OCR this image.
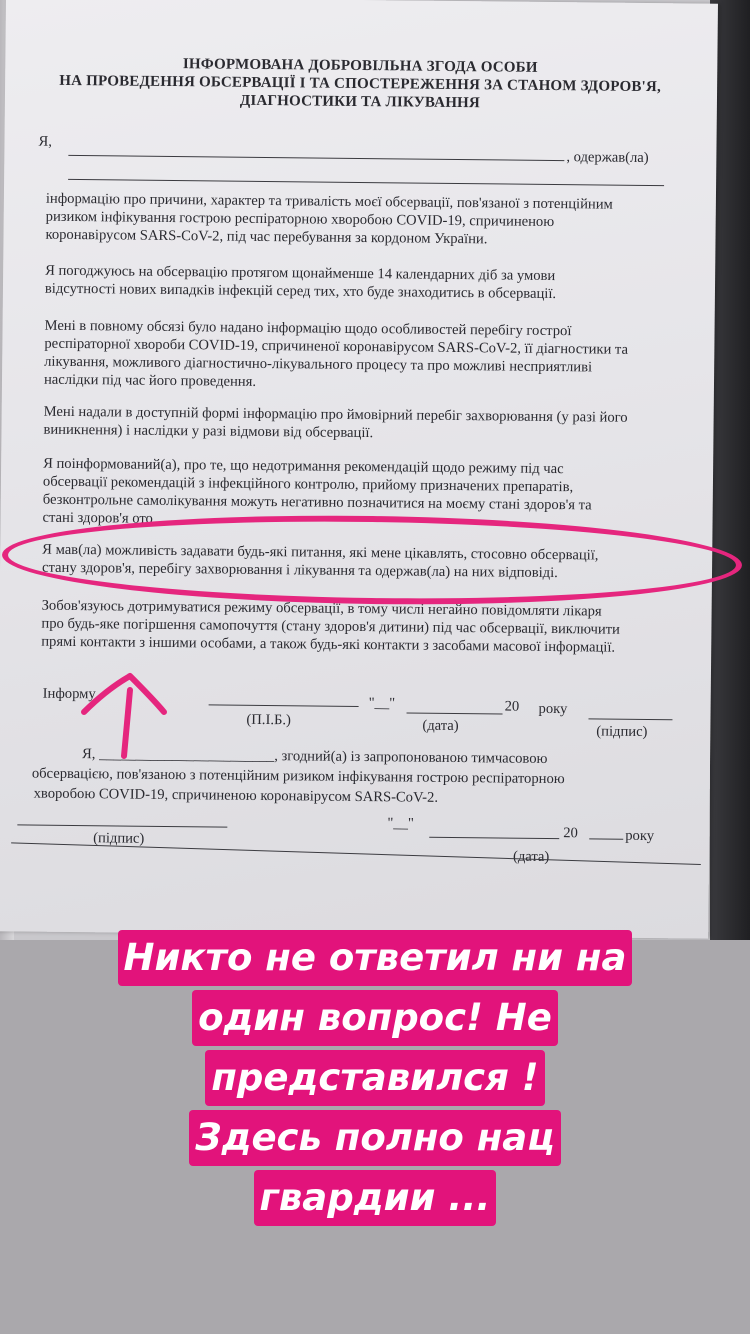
ІНФОРМОВАНА ДОБРОВІЛЬНА ЗГОДА ОСОБИ
НА ПРОВЕДЕННЯ ОБСЕРВАЦІЇ І ТА СПОСТЕРЕЖЕННЯ ЗА СТАНОМ ЗДОРОВ'Я,
ДІАГНОСТИКИ ТА ЛІКУВАННЯ
Я,
, одержав(ла)
інформацію про причини, характер та тривалість моєї обсервації, пов'язаної з потенційним
ризиком інфікування гострою респіраторною хворобою COVID-19, спричиненою
коронавірусом SARS-CoV-2, під час перебування за кордоном України.
Я погоджуюсь на обсервацію протягом щонайменше 14 календарних діб за умови
відсутності нових випадків інфекцій серед тих, хто буде знаходитись в обсервації.
Мені в повному обсязі було надано інформацію щодо особливостей перебігу гострої
респіраторної хвороби COVID-19, спричиненої коронавірусом SARS-CoV-2, її діагностики та
лікування, можливого діагностично-лікувального процесу та про можливі несприятливі
наслідки під час його проведення.
Мені надали в доступній формі інформацію про ймовірний перебіг захворювання (у разі його
виникнення) і наслідки у разі відмови від обсервації.
Я поінформований(а), про те, що недотримання рекомендацій щодо режиму під час
обсервації рекомендацій з інфекційного контролю, прийому призначених препаратів,
безконтрольне самолікування можуть негативно позначитися на моєму стані здоров'я та
стані здоров'я ото
Я мав(ла) можливість задавати будь-які питання, які мене цікавлять, стосовно обсервації,
стану здоров'я, перебігу захворювання і лікування та одержав(ла) на них відповіді.
Зобов'язуюсь дотримуватися режиму обсервації, в тому числі негайно повідомляти лікаря
про будь-яке погіршення самопочуття (стану здоров'я дитини) під час обсервації, виключити
прямі контакти з іншими особами, а також будь-які контакти з засобами масової інформації.
Інформу
(П.І.Б.)
"__"	20 року
(дата)	(підпис)
Я, ________________________, згодний(а) із запропонованою тимчасовою
обсервацією, пов'язаною з потенційним ризиком інфікування гострою респіраторною
хворобою COVID-19, спричиненою коронавірусом SARS-CoV-2.
(підпис)
"__"
20	року
(дата)
Никто не ответил ни на
один вопрос! Не
представился !
Здесь полно нац
гвардии ...
